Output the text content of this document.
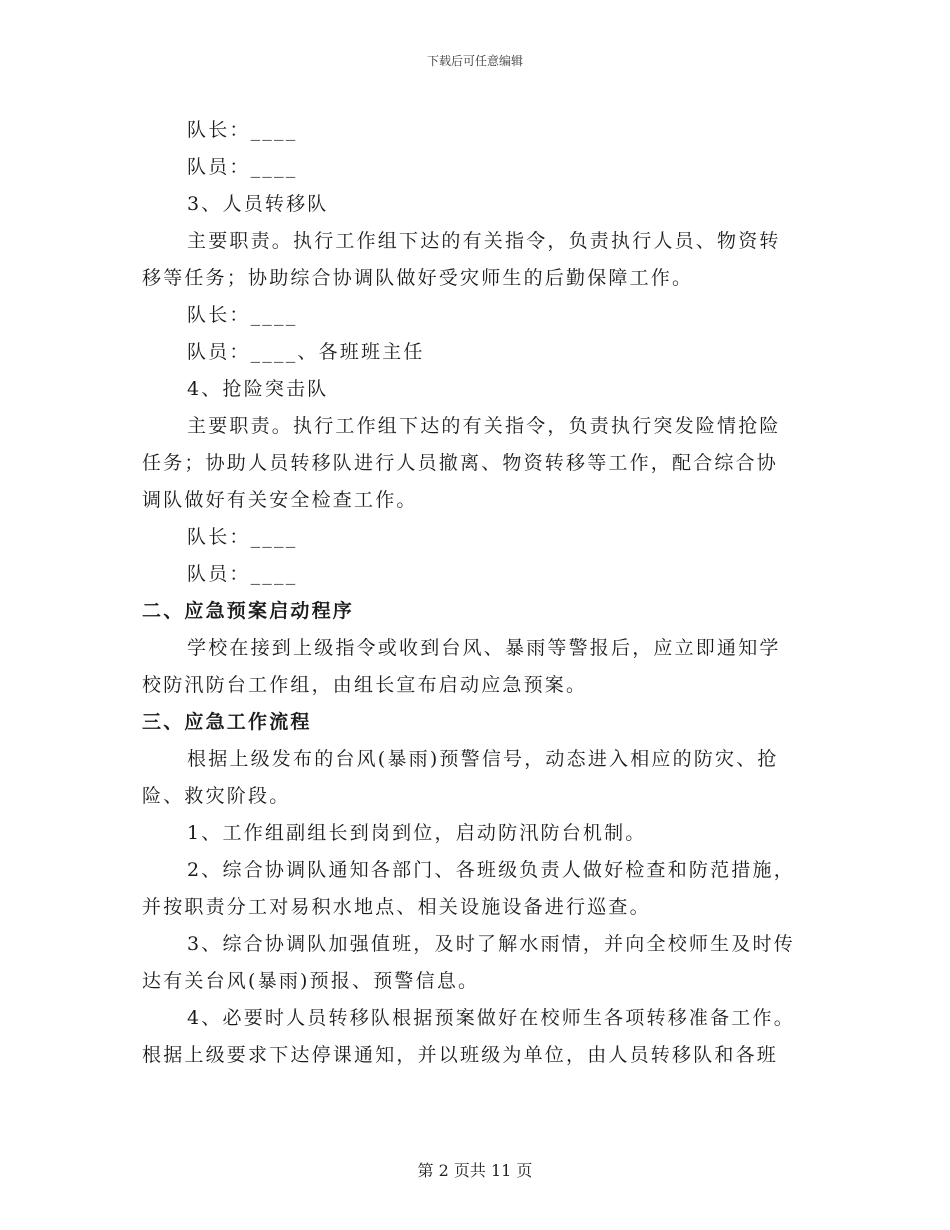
下载后可任意编辑
队长：____
队员：____
3、人员转移队
主要职责。执行工作组下达的有关指令，负责执行人员、物资转
移等任务；协助综合协调队做好受灾师生的后勤保障工作。
队长：____
队员：____、各班班主任
4、抢险突击队
主要职责。执行工作组下达的有关指令，负责执行突发险情抢险
任务；协助人员转移队进行人员撤离、物资转移等工作，配合综合协
调队做好有关安全检查工作。
队长：____
队员：____
二、应急预案启动程序
学校在接到上级指令或收到台风、暴雨等警报后，应立即通知学
校防汛防台工作组，由组长宣布启动应急预案。
三、应急工作流程
根据上级发布的台风(暴雨)预警信号，动态进入相应的防灾、抢
险、救灾阶段。
1、工作组副组长到岗到位，启动防汛防台机制。
2、综合协调队通知各部门、各班级负责人做好检查和防范措施，
并按职责分工对易积水地点、相关设施设备进行巡查。
3、综合协调队加强值班，及时了解水雨情，并向全校师生及时传
达有关台风(暴雨)预报、预警信息。
4、必要时人员转移队根据预案做好在校师生各项转移准备工作。
根据上级要求下达停课通知，并以班级为单位，由人员转移队和各班
第 2 页共 11 页
